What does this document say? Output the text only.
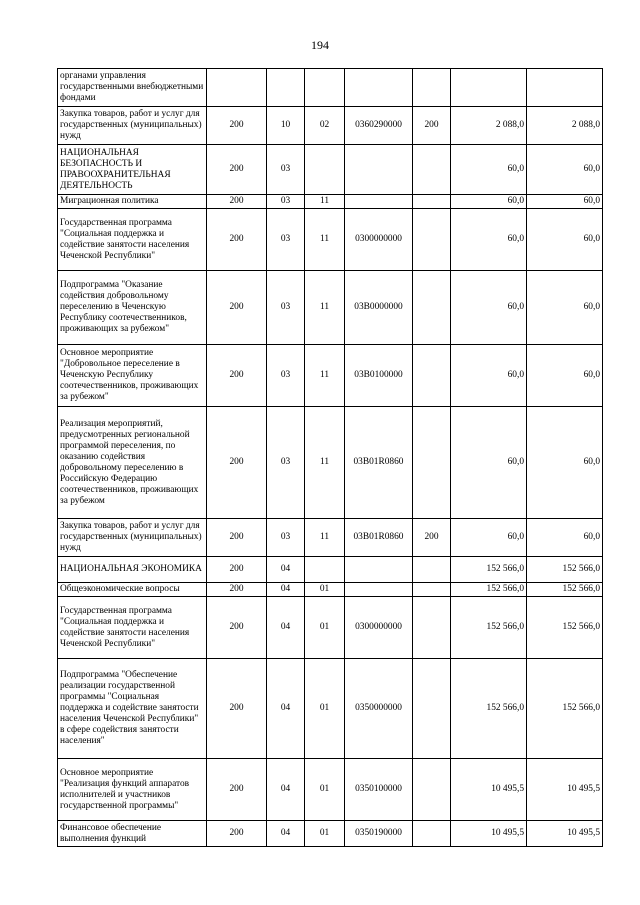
194
органами управления государственными внебюджетными фондами							
Закупка товаров, работ и услуг для государственных (муниципальных) нужд	200	10	02	0360290000	200	2 088,0	2 088,0
НАЦИОНАЛЬНАЯ БЕЗОПАСНОСТЬ И ПРАВООХРАНИТЕЛЬНАЯ ДЕЯТЕЛЬНОСТЬ	200	03				60,0	60,0
Миграционная политика	200	03	11			60,0	60,0
Государственная программа "Социальная поддержка и содействие занятости населения Чеченской Республики"	200	03	11	0300000000		60,0	60,0
Подпрограмма "Оказание содействия добровольному переселению в Чеченскую Республику соотечественников, проживающих за рубежом"	200	03	11	03В0000000		60,0	60,0
Основное мероприятие "Добровольное переселение в Чеченскую Республику соотечественников, проживающих за рубежом"	200	03	11	03В0100000		60,0	60,0
Реализация мероприятий, предусмотренных региональной программой переселения, по оказанию содействия добровольному переселению в Российскую Федерацию соотечественников, проживающих за рубежом	200	03	11	03В01R0860		60,0	60,0
Закупка товаров, работ и услуг для государственных (муниципальных) нужд	200	03	11	03В01R0860	200	60,0	60,0
НАЦИОНАЛЬНАЯ ЭКОНОМИКА	200	04				152 566,0	152 566,0
Общеэкономические вопросы	200	04	01			152 566,0	152 566,0
Государственная программа "Социальная поддержка и содействие занятости населения Чеченской Республики"	200	04	01	0300000000		152 566,0	152 566,0
Подпрограмма "Обеспечение реализации государственной программы "Социальная поддержка и содействие занятости населения Чеченской Республики" в сфере содействия занятости населения"	200	04	01	0350000000		152 566,0	152 566,0
Основное мероприятие "Реализация функций аппаратов исполнителей и участников государственной программы"	200	04	01	0350100000		10 495,5	10 495,5
Финансовое обеспечение выполнения функций	200	04	01	0350190000		10 495,5	10 495,5
